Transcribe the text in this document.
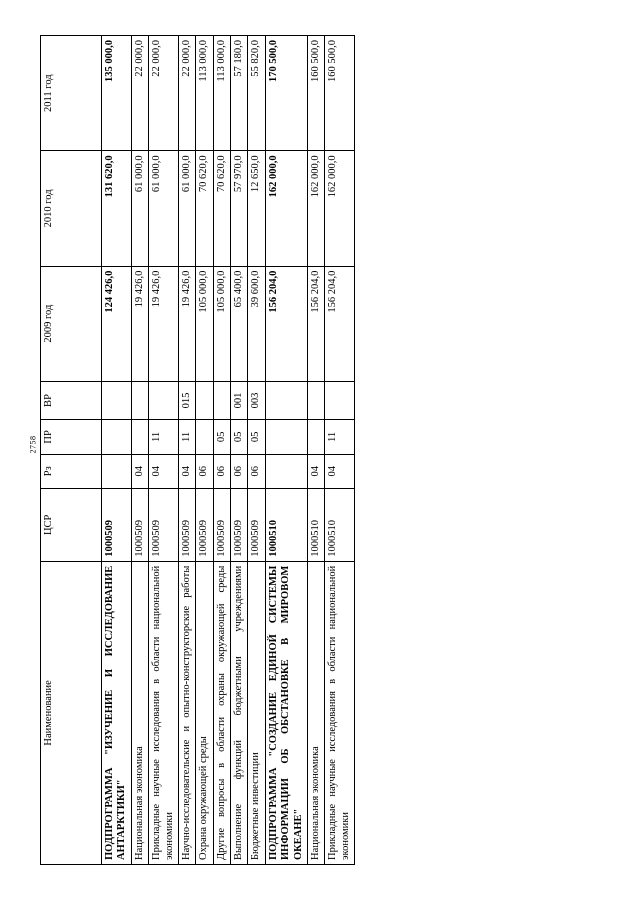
2758
Наименование	ЦСР	Рз	ПР	ВР	2009 год	2010 год	2011 год
ПОДПРОГРАММА "ИЗУЧЕНИЕ И ИССЛЕДОВАНИЕ АНТАРКТИКИ"	1000509				124 426,0	131 620,0	135 000,0
Национальная экономика	1000509	04			19 426,0	61 000,0	22 000,0
Прикладные научные исследования в области национальной экономики	1000509	04	11		19 426,0	61 000,0	22 000,0
Научно-исследовательские и опытно-конструкторские работы	1000509	04	11	015	19 426,0	61 000,0	22 000,0
Охрана окружающей среды	1000509	06			105 000,0	70 620,0	113 000,0
Другие вопросы в области охраны окружающей среды	1000509	06	05		105 000,0	70 620,0	113 000,0
Выполнение функций бюджетными учреждениями	1000509	06	05	001	65 400,0	57 970,0	57 180,0
Бюджетные инвестиции	1000509	06	05	003	39 600,0	12 650,0	55 820,0
ПОДПРОГРАММА "СОЗДАНИЕ ЕДИНОЙ СИСТЕМЫ ИНФОРМАЦИИ ОБ ОБСТАНОВКЕ В МИРОВОМ ОКЕАНЕ"	1000510				156 204,0	162 000,0	170 500,0
Национальная экономика	1000510	04			156 204,0	162 000,0	160 500,0
Прикладные научные исследования в области национальной экономики	1000510	04	11		156 204,0	162 000,0	160 500,0
